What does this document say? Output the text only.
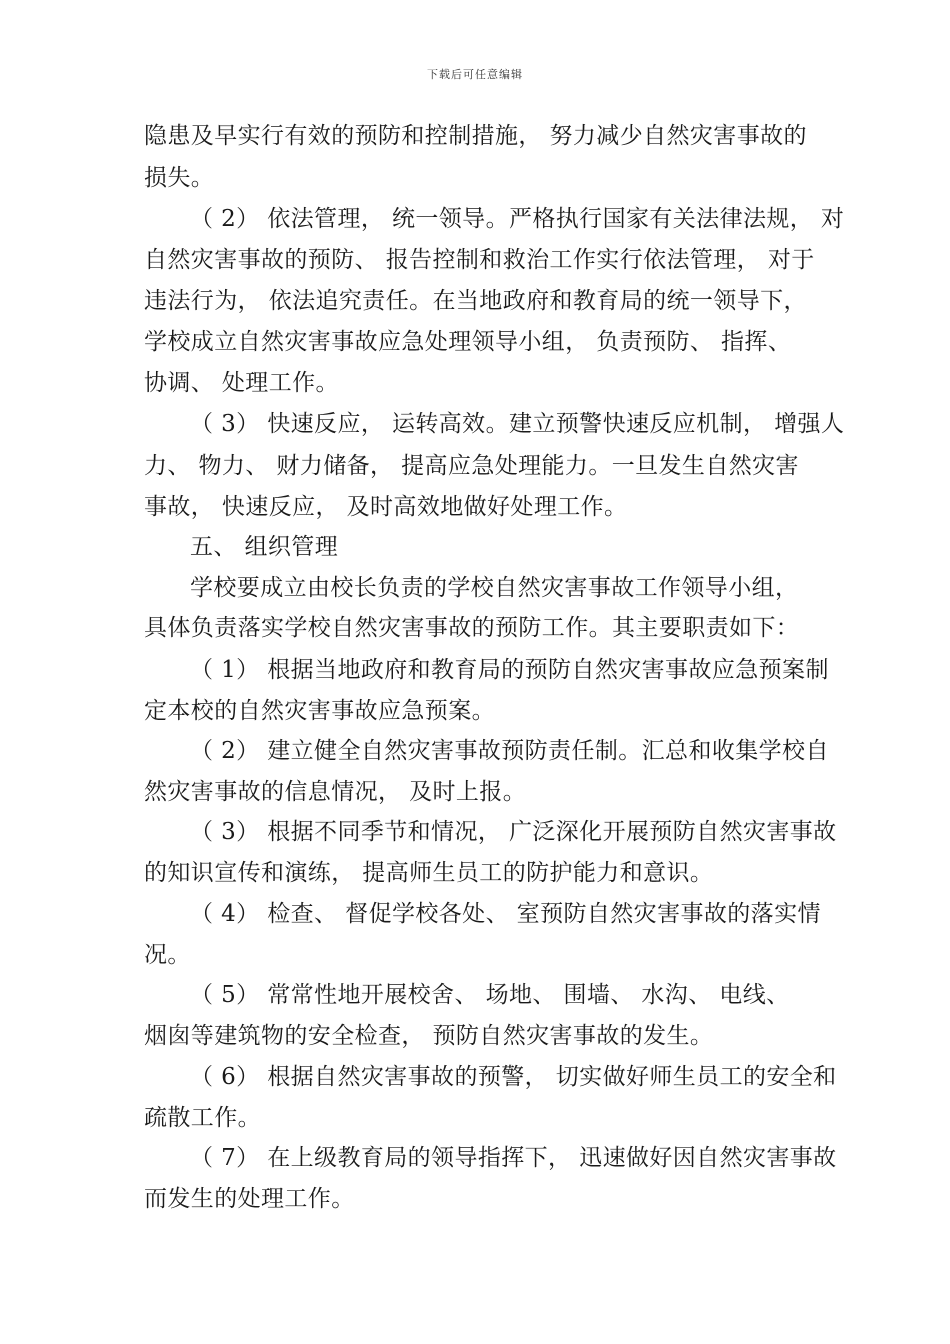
下载后可任意编辑
隐患及早实行有效的预防和控制措施， 努力减少自然灾害事故的
损失。
（ 2） 依法管理， 统一领导。严格执行国家有关法律法规， 对
自然灾害事故的预防、 报告控制和救治工作实行依法管理， 对于
违法行为， 依法追究责任。在当地政府和教育局的统一领导下，
学校成立自然灾害事故应急处理领导小组， 负责预防、 指挥、
协调、 处理工作。
（ 3） 快速反应， 运转高效。建立预警快速反应机制， 增强人
力、 物力、 财力储备， 提高应急处理能力。一旦发生自然灾害
事故， 快速反应， 及时高效地做好处理工作。
五、 组织管理
学校要成立由校长负责的学校自然灾害事故工作领导小组，
具体负责落实学校自然灾害事故的预防工作。其主要职责如下：
（ 1） 根据当地政府和教育局的预防自然灾害事故应急预案制
定本校的自然灾害事故应急预案。
（ 2） 建立健全自然灾害事故预防责任制。汇总和收集学校自
然灾害事故的信息情况， 及时上报。
（ 3） 根据不同季节和情况， 广泛深化开展预防自然灾害事故
的知识宣传和演练， 提高师生员工的防护能力和意识。
（ 4） 检查、 督促学校各处、 室预防自然灾害事故的落实情
况。
（ 5） 常常性地开展校舍、 场地、 围墙、 水沟、 电线、
烟囱等建筑物的安全检查， 预防自然灾害事故的发生。
（ 6） 根据自然灾害事故的预警， 切实做好师生员工的安全和
疏散工作。
（ 7） 在上级教育局的领导指挥下， 迅速做好因自然灾害事故
而发生的处理工作。
